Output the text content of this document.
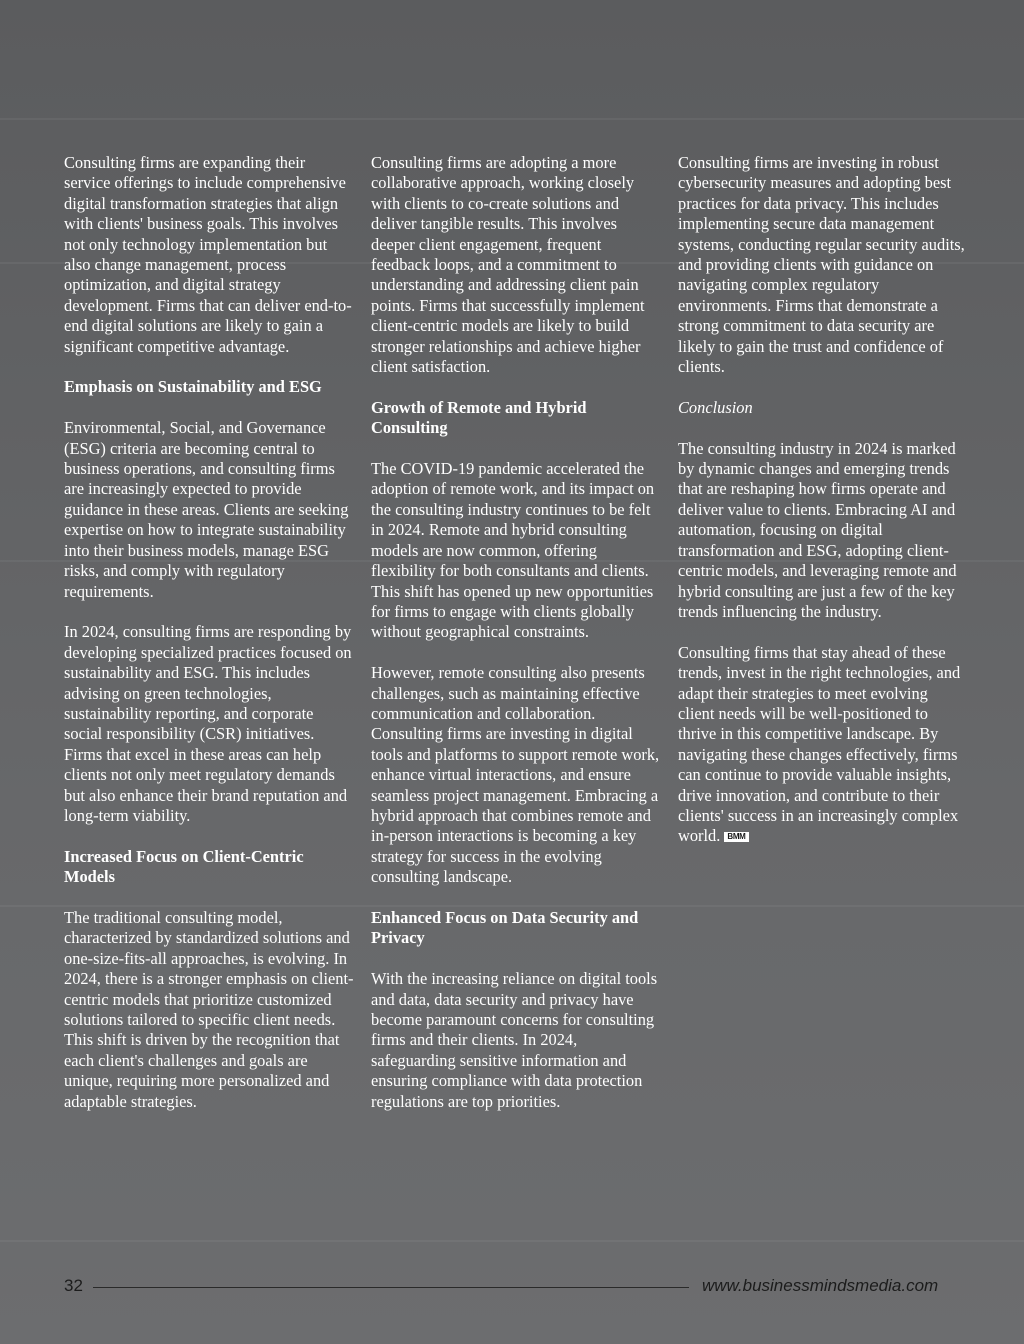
Consulting firms are expanding their service offerings to include comprehensive digital transformation strategies that align with clients' business goals. This involves not only technology implementation but also change management, process optimization, and digital strategy development. Firms that can deliver end-to-end digital solutions are likely to gain a significant competitive advantage.

Emphasis on Sustainability and ESG

Environmental, Social, and Governance (ESG) criteria are becoming central to business operations, and consulting firms are increasingly expected to provide guidance in these areas. Clients are seeking expertise on how to integrate sustainability into their business models, manage ESG risks, and comply with regulatory requirements.

In 2024, consulting firms are responding by developing specialized practices focused on sustainability and ESG. This includes advising on green technologies, sustainability reporting, and corporate social responsibility (CSR) initiatives. Firms that excel in these areas can help clients not only meet regulatory demands but also enhance their brand reputation and long-term viability.

Increased Focus on Client-Centric Models

The traditional consulting model, characterized by standardized solutions and one-size-fits-all approaches, is evolving. In 2024, there is a stronger emphasis on client-centric models that prioritize customized solutions tailored to specific client needs. This shift is driven by the recognition that each client's challenges and goals are unique, requiring more personalized and adaptable strategies.

Consulting firms are adopting a more collaborative approach, working closely with clients to co-create solutions and deliver tangible results. This involves deeper client engagement, frequent feedback loops, and a commitment to understanding and addressing client pain points. Firms that successfully implement client-centric models are likely to build stronger relationships and achieve higher client satisfaction.

Growth of Remote and Hybrid Consulting

The COVID-19 pandemic accelerated the adoption of remote work, and its impact on the consulting industry continues to be felt in 2024. Remote and hybrid consulting models are now common, offering flexibility for both consultants and clients. This shift has opened up new opportunities for firms to engage with clients globally without geographical constraints.

However, remote consulting also presents challenges, such as maintaining effective communication and collaboration. Consulting firms are investing in digital tools and platforms to support remote work, enhance virtual interactions, and ensure seamless project management. Embracing a hybrid approach that combines remote and in-person interactions is becoming a key strategy for success in the evolving consulting landscape.

Enhanced Focus on Data Security and Privacy

With the increasing reliance on digital tools and data, data security and privacy have become paramount concerns for consulting firms and their clients. In 2024, safeguarding sensitive information and ensuring compliance with data protection regulations are top priorities.

Consulting firms are investing in robust cybersecurity measures and adopting best practices for data privacy. This includes implementing secure data management systems, conducting regular security audits, and providing clients with guidance on navigating complex regulatory environments. Firms that demonstrate a strong commitment to data security are likely to gain the trust and confidence of clients.

Conclusion

The consulting industry in 2024 is marked by dynamic changes and emerging trends that are reshaping how firms operate and deliver value to clients. Embracing AI and automation, focusing on digital transformation and ESG, adopting client-centric models, and leveraging remote and hybrid consulting are just a few of the key trends influencing the industry.

Consulting firms that stay ahead of these trends, invest in the right technologies, and adapt their strategies to meet evolving client needs will be well-positioned to thrive in this competitive landscape. By navigating these changes effectively, firms can continue to provide valuable insights, drive innovation, and contribute to their clients' success in an increasingly complex world. BMM

32	www.businessmindsmedia.com
